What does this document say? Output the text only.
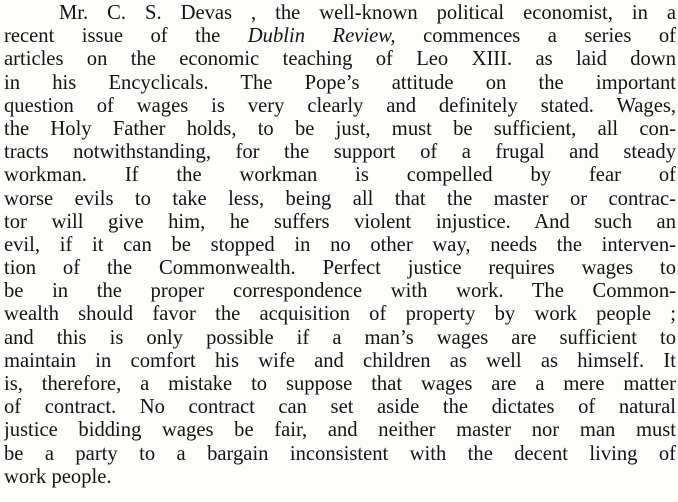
Mr. C. S. Devas , the well-known political economist, in a
recent issue of the Dublin Review, commences a series of
articles on the economic teaching of Leo XIII. as laid down
in his Encyclicals. The Pope’s attitude on the important
question of wages is very clearly and definitely stated. Wages,
the Holy Father holds, to be just, must be sufficient, all con-
tracts notwithstanding, for the support of a frugal and steady
workman. If the workman is compelled by fear of
worse evils to take less, being all that the master or contrac-
tor will give him, he suffers violent injustice. And such an
evil, if it can be stopped in no other way, needs the interven-
tion of the Commonwealth. Perfect justice requires wages to
be in the proper correspondence with work. The Common-
wealth should favor the acquisition of property by work people ;
and this is only possible if a man’s wages are sufficient to
maintain in comfort his wife and children as well as himself. It
is, therefore, a mistake to suppose that wages are a mere matter
of contract. No contract can set aside the dictates of natural
justice bidding wages be fair, and neither master nor man must
be a party to a bargain inconsistent with the decent living of
work people.
